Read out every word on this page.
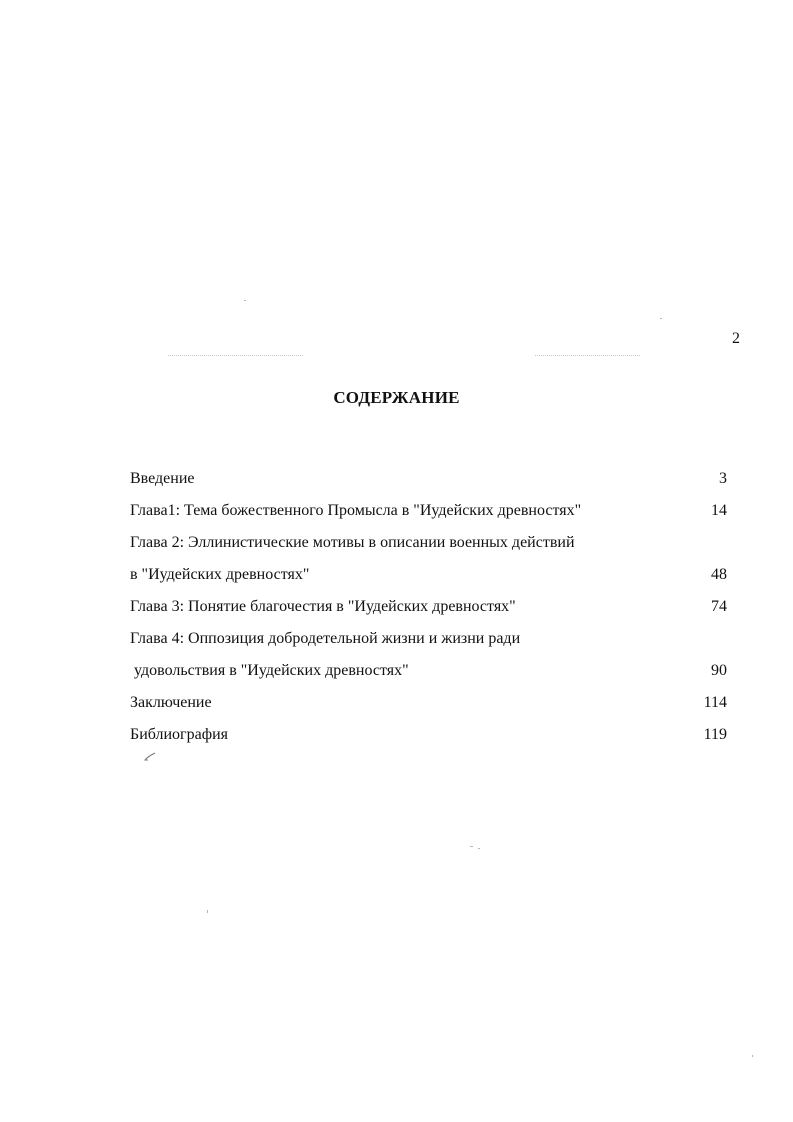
2
СОДЕРЖАНИЕ
Введение	3
Глава1: Тема божественного Промысла в "Иудейских древностях"	14
Глава 2: Эллинистические мотивы в описании военных действий
в "Иудейских древностях"	48
Глава 3: Понятие благочестия в "Иудейских древностях"	74
Глава 4: Оппозиция добродетельной жизни и жизни ради
удовольствия в "Иудейских древностях"	90
Заключение	114
Библиография	119
